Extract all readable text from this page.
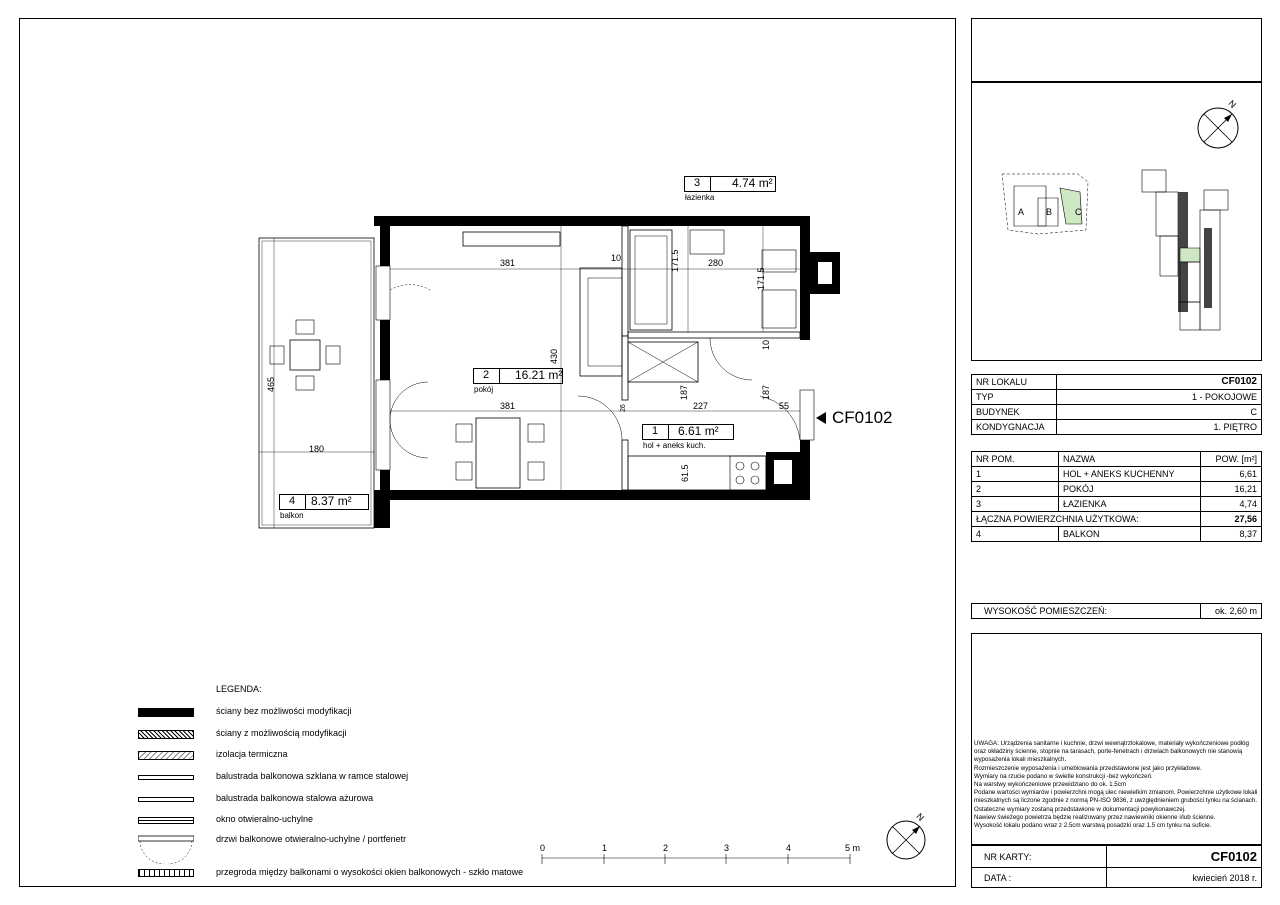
381	10	280
171.5
171.5
10
430
381	26
187
227
187
55
61.5
465
180
3	4.74 m²
łazienka
2 16.21 m²
pokój
1 6.61 m²
hol + aneks kuch.
4 8.37 m²
balkon
CF0102
LEGENDA:
ściany bez możliwości modyfikacji
ściany z możliwością modyfikacji
izolacja termiczna
balustrada balkonowa szklana w ramce stalowej
balustrada balkonowa stalowa ażurowa
okno otwieralno-uchylne
drzwi balkonowe otwieralno-uchylne / portfenetr
przegroda między balkonami o wysokości okien balkonowych - szkło matowe
0	1	2	3	4	5 m
N
N
A B	C
NR LOKALU	CF0102
TYP	1 - POKOJOWE
BUDYNEK	C
KONDYGNACJA	1. PIĘTRO
NR POM.	NAZWA	POW. [m²]
1	HOL + ANEKS KUCHENNY	6,61
2	POKÓJ	16,21
3	ŁAZIENKA	4,74
ŁĄCZNA POWIERZCHNIA UŻYTKOWA:		27,56
4	BALKON	8,37
WYSOKOŚĆ POMIESZCZEŃ:	ok. 2,60 m
UWAGA: Urządzenia sanitarne i kuchnie, drzwi wewnątrzlokalowe, materiały wykończeniowe podłóg
oraz okładziny ścienne, stopnie na tarasach, porte-fenetrach i drzwiach balkonowych nie stanowią
wyposażenia lokali mieszkalnych.
Rozmieszczenie wyposażenia i umeblowania przedstawione jest jako przykładowe.
Wymiary na rzucie podano w świetle konstrukcji -bez wykończeń.
Na warstwy wykończeniowe przewidziano do ok. 1.5cm
Podane wartości wymiarów i powierzchni mogą ulec niewielkim zmianom. Powierzchnie użytkowe lokali
mieszkalnych są liczone zgodnie z normą PN-ISO 9836, z uwzględnieniem grubości tynku na ścianach.
Ostateczne wymiary zostaną przedstawione w dokumentacji powykonawczej.
Nawiew świeżego powietrza będzie realizowany przez nawiewniki okienne i/lub ścienne.
Wysokość lokalu podano wraz z 2.5cm warstwą posadzki oraz 1.5 cm tynku na suficie.
NR KARTY:	CF0102
DATA :	kwiecień 2018 r.
